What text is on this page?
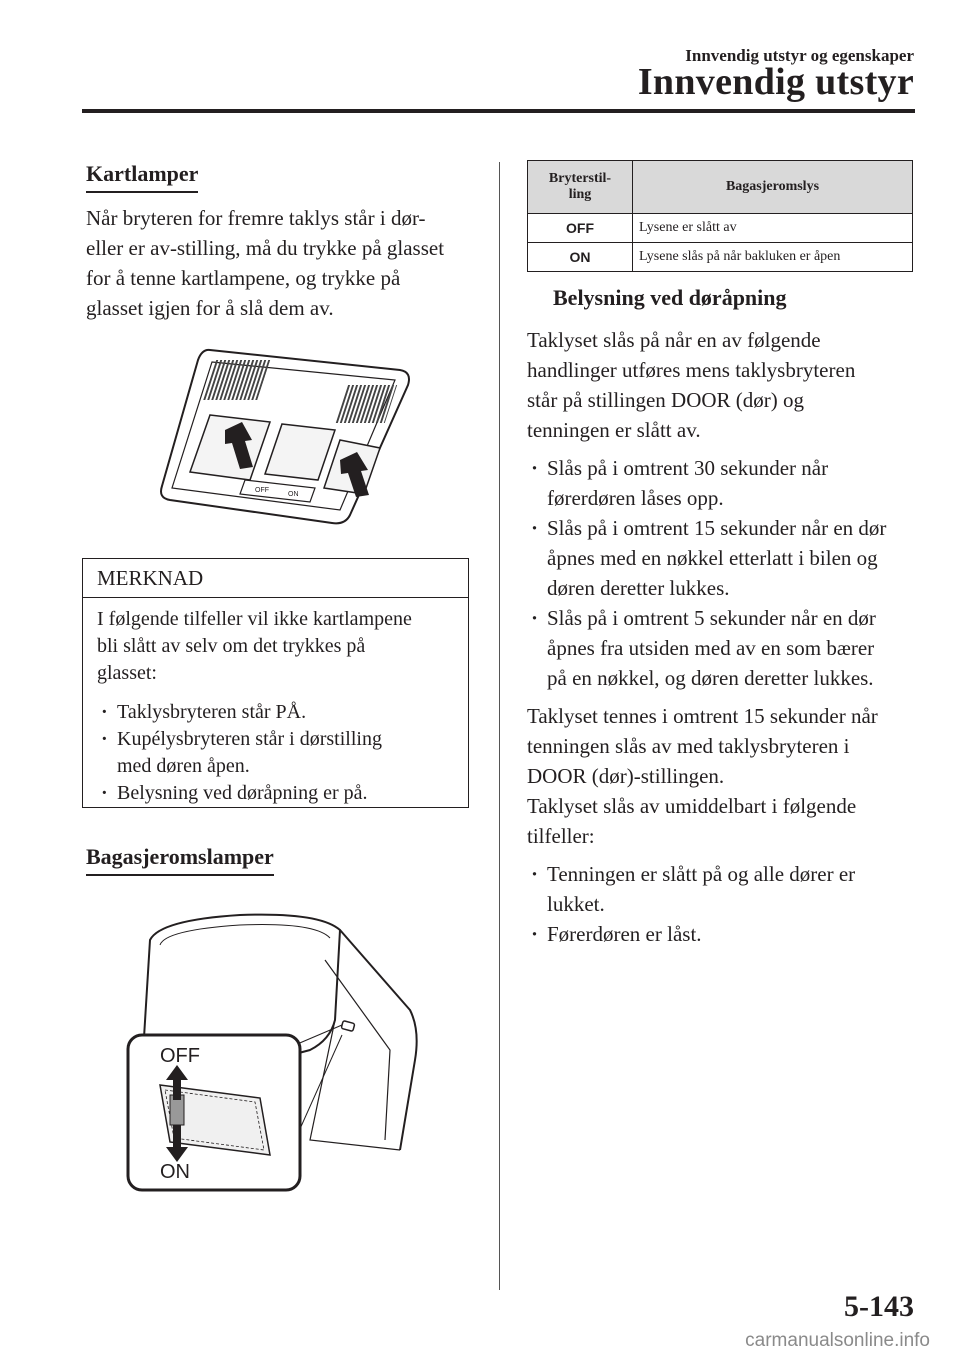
Innvendig utstyr og egenskaper
Innvendig utstyr
Kartlamper
Når bryteren for fremre taklys står i dør-
eller er av-stilling, må du trykke på glasset
for å tenne kartlampene, og trykke på
glasset igjen for å slå dem av.
OFF
ON
MERKNAD
I følgende tilfeller vil ikke kartlampene
bli slått av selv om det trykkes på
glasset:
· Taklysbryteren står PÅ.
· Kupélysbryteren står i dørstilling
med døren åpen.
· Belysning ved døråpning er på.
Bagasjeromslamper
OFF
ON
Bryterstil-
ling	Bagasjeromslys
OFF	Lysene er slått av
ON	Lysene slås på når bakluken er åpen
Belysning ved døråpning
Taklyset slås på når en av følgende
handlinger utføres mens taklysbryteren
står på stillingen DOOR (dør) og
tenningen er slått av.
· Slås på i omtrent 30 sekunder når
førerdøren låses opp.
· Slås på i omtrent 15 sekunder når en dør
åpnes med en nøkkel etterlatt i bilen og
døren deretter lukkes.
· Slås på i omtrent 5 sekunder når en dør
åpnes fra utsiden med av en som bærer
på en nøkkel, og døren deretter lukkes.
Taklyset tennes i omtrent 15 sekunder når
tenningen slås av med taklysbryteren i
DOOR (dør)-stillingen.
Taklyset slås av umiddelbart i følgende
tilfeller:
· Tenningen er slått på og alle dører er
lukket.
· Førerdøren er låst.
5-143
carmanualsonline.info
